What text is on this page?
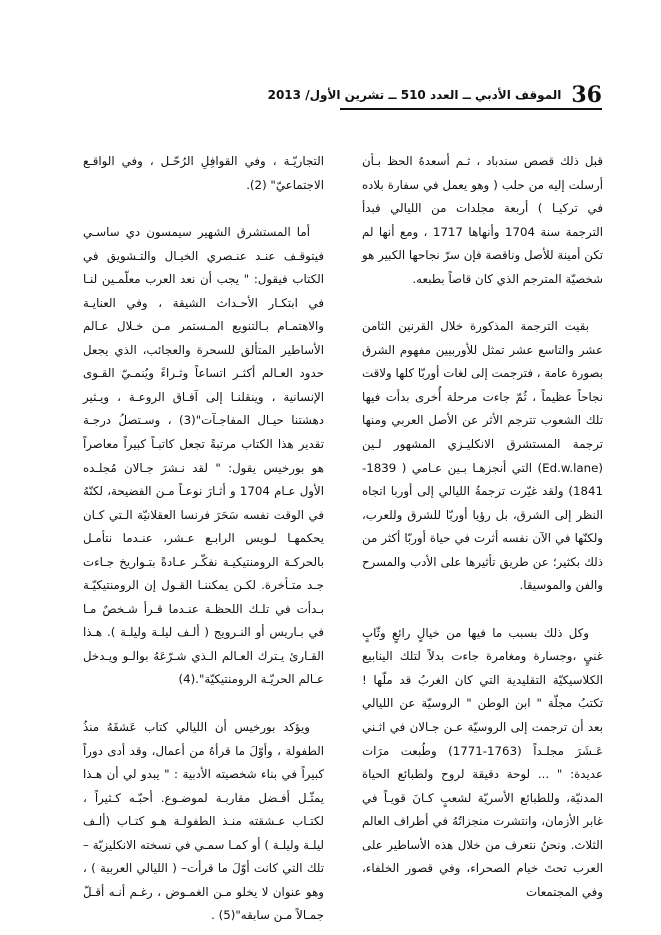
36
الموقف الأدبي ــ العدد 510 ــ تشرين الأول/ 2013

قبل ذلك قصص سندباد ، ثـم أسعدهُ الحظ بـأن أرسلت إليه من حلب ( وهو يعمل في سفارة بلاده في تركيـا ) أربعة مجلدات من الليالي فبدأ الترجمة سنة 1704 وأنهاها 1717 ، ومع أنها لم تكن أمينة للأصل وناقصة فإن سرّ نجاحها الكبير هو شخصيّة المترجم الذي كان قاصاً بطبعه.

بقيت الترجمة المذكورة خلال القرنين الثامن عشر والتاسع عشر تمثل للأوربيين مفهوم الشرق بصورة عامة ، فترجمت إلى لغات أوربّا كلها ولاقت نجاحاً عظيماً ، ثُمّ جاءت مرحلة أُخرى بدأت فيها تلك الشعوب تترجم الأثر عن الأصل العربي ومنها ترجمة المستشرق الانكليـزي المشهور لـين (Ed.w.lane) التي أنجزهـا بـين عـامي ( 1839- 1841) ولقد غيّرت ترجمةُ الليالي إلى أوربا اتجاه النظر إلى الشرق، بل رؤيا أوربّا للشرق وللعرب، ولكنّها في الآن نفسه أثرت في حياة أوربّا أكثر من ذلك بكثير؛ عن طريق تأثيرها على الأدب والمسرح والفن والموسيقا.

وكل ذلك بسبب ما فيها من خيالٍ رائعٍ وثّابٍ غنيٍ ،وجسارة ومغامرة جاءت بدلاً لتلك الينابيع الكلاسيكيّة التقليدية التي كان الغربُ قد ملّها ! تكتبُ مجلّة " ابن الوطن " الروسيّة عن الليالي بعد أن ترجمت إلى الروسيّة عـن جـالان في اثـني عَـشَرَ مجلـداً (1763-1771) وطُبعت مرَات عديدة: " ... لوحة دقيقة لروح ولطبائع الحياة المدنيّة، وللطبائع الأسريّة لشعبٍ كـانَ قويـاً في غابر الأزمان، وانتشرت منجزاتُهُ في أطراف العالم الثلاث. ونحنُ نتعرف من خلال هذه الأساطير على العرب تحتَ خيام الصحراء، وفي قصور الخلفاء، وفي المجتمعات

التجاريّـة ، وفي القوافِلِ الرُحّـل ، وفي الواقـع الاجتماعيّ" (2).

أما المستشرق الشهير سيمسون دي ساسـي فيتوقـف عنـد عنـصري الخيـال والتـشويق في الكتاب فيقول: " يجب أن نعد العرب معلّمـين لنـا في ابتكـار الأحـداث الشيقة ، وفي العنايـة والاهتمـام بـالتنويع المـستمر مـن خـلال عـالم الأساطير المتألق للسحرة والعجائب، الذي يجعل حدود العـالم أكثـر اتساعاً وثـراءً ويُنمـيّ القـوى الإنسانية ، وينقلنـا إلى آفـاق الروعـة ، ويـثير دهشتنا حيـال المفاجـآت"(3) ، وسـتصلُ درجـة تقدير هذا الكتاب مرتبةً تجعل كاتبـاً كبيراً معاصراً هو بورخيس يقول: " لقد نـشرَ جـالان مُجلـده الأول عـام 1704 و أثـارَ نوعـاً مـن الفضيحة، لكنّهُ في الوقت نفسه سَحَرَ فرنسا العقلانيّة الـتي كـان يحكمهـا لـويس الرابـع عـشر، عنـدما نتأمـل بالحركـة الرومنتيكيـة نفكّـر عـادةً بتـواريخ جـاءت جـد متـأخرة. لكـن يمكننـا القـول إن الرومنتيكيّـة بـدأت في تلـك اللحظـة عنـدما قـرأ شـخصٌ مـا في بـاريس أو النـرويج ( ألـف ليلـة وليلـة ). هـذا القـارئ يـترك العـالم الـذي شـرّعَهُ بوالـو ويـدخل عـالم الحريّـة الرومنتيكيّة".(4)

ويؤكد بورخيس أن الليالي كتاب عَشقَهُ منذُ الطفولة ، وأوّلَ ما قرأهُ من أعمال، وقد أدى دوراً كبيراً في بناء شخصيته الأدبية : " يبدو لي أن هـذا يمثّـل أفـضل مقاربـة لموضـوع. أحبّـه كـثيراً ، لكتـاب عـشقته منـذ الطفولـة هـو كتـاب (ألـف ليلـة وليلـة ) أو كمـا سمـي في نسخته الانكليزيّة – تلك التي كانت أوّلَ ما قرأت– ( الليالي العربية ) ، وهو عنوان لا يخلو مـن الغمـوض ، رغـم أنـه أقـلّ جمـالاً مـن سابقه"(5) .
